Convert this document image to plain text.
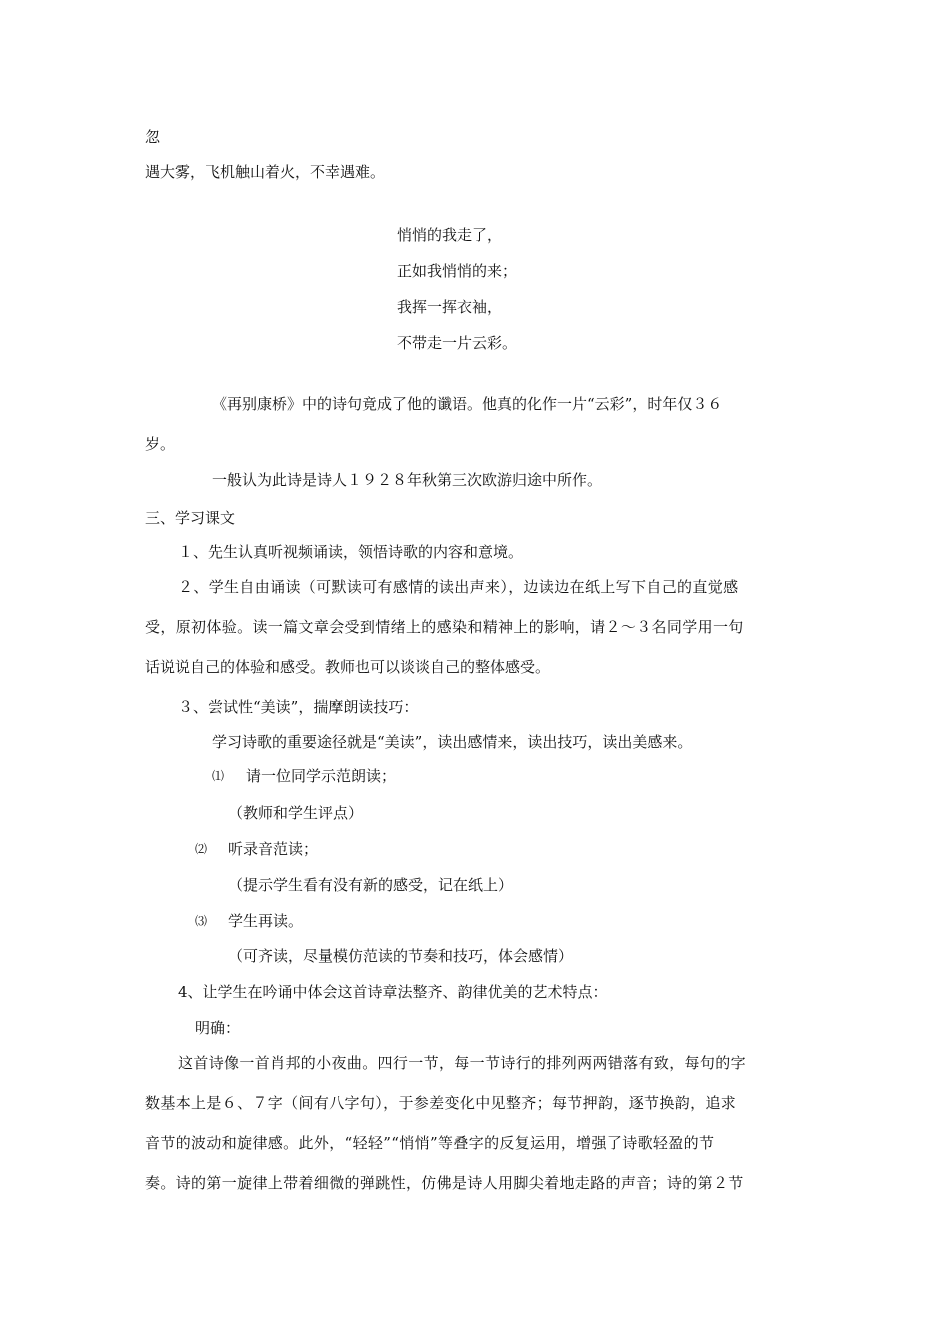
忽
遇大雾，飞机触山着火，不幸遇难。
悄悄的我走了，
正如我悄悄的来；
我挥一挥衣袖，
不带走一片云彩。
《再别康桥》中的诗句竟成了他的谶语。他真的化作一片“云彩”，时年仅３６
岁。
一般认为此诗是诗人１９２８年秋第三次欧游归途中所作。
三、学习课文
１、先生认真听视频诵读，领悟诗歌的内容和意境。
２、学生自由诵读（可默读可有感情的读出声来），边读边在纸上写下自己的直觉感
受，原初体验。读一篇文章会受到情绪上的感染和精神上的影响，请２～３名同学用一句
话说说自己的体验和感受。教师也可以谈谈自己的整体感受。
３、尝试性“美读”，揣摩朗读技巧：
学习诗歌的重要途径就是“美读”，读出感情来，读出技巧，读出美感来。
⑴ 请一位同学示范朗读；
（教师和学生评点）
⑵ 听录音范读；
（提示学生看有没有新的感受，记在纸上）
⑶ 学生再读。
（可齐读，尽量模仿范读的节奏和技巧，体会感情）
4、让学生在吟诵中体会这首诗章法整齐、韵律优美的艺术特点：
明确：
这首诗像一首肖邦的小夜曲。四行一节，每一节诗行的排列两两错落有致，每句的字
数基本上是６、７字（间有八字句），于参差变化中见整齐；每节押韵，逐节换韵，追求
音节的波动和旋律感。此外，“轻轻”“悄悄”等叠字的反复运用，增强了诗歌轻盈的节
奏。诗的第一旋律上带着细微的弹跳性，仿佛是诗人用脚尖着地走路的声音；诗的第２节
